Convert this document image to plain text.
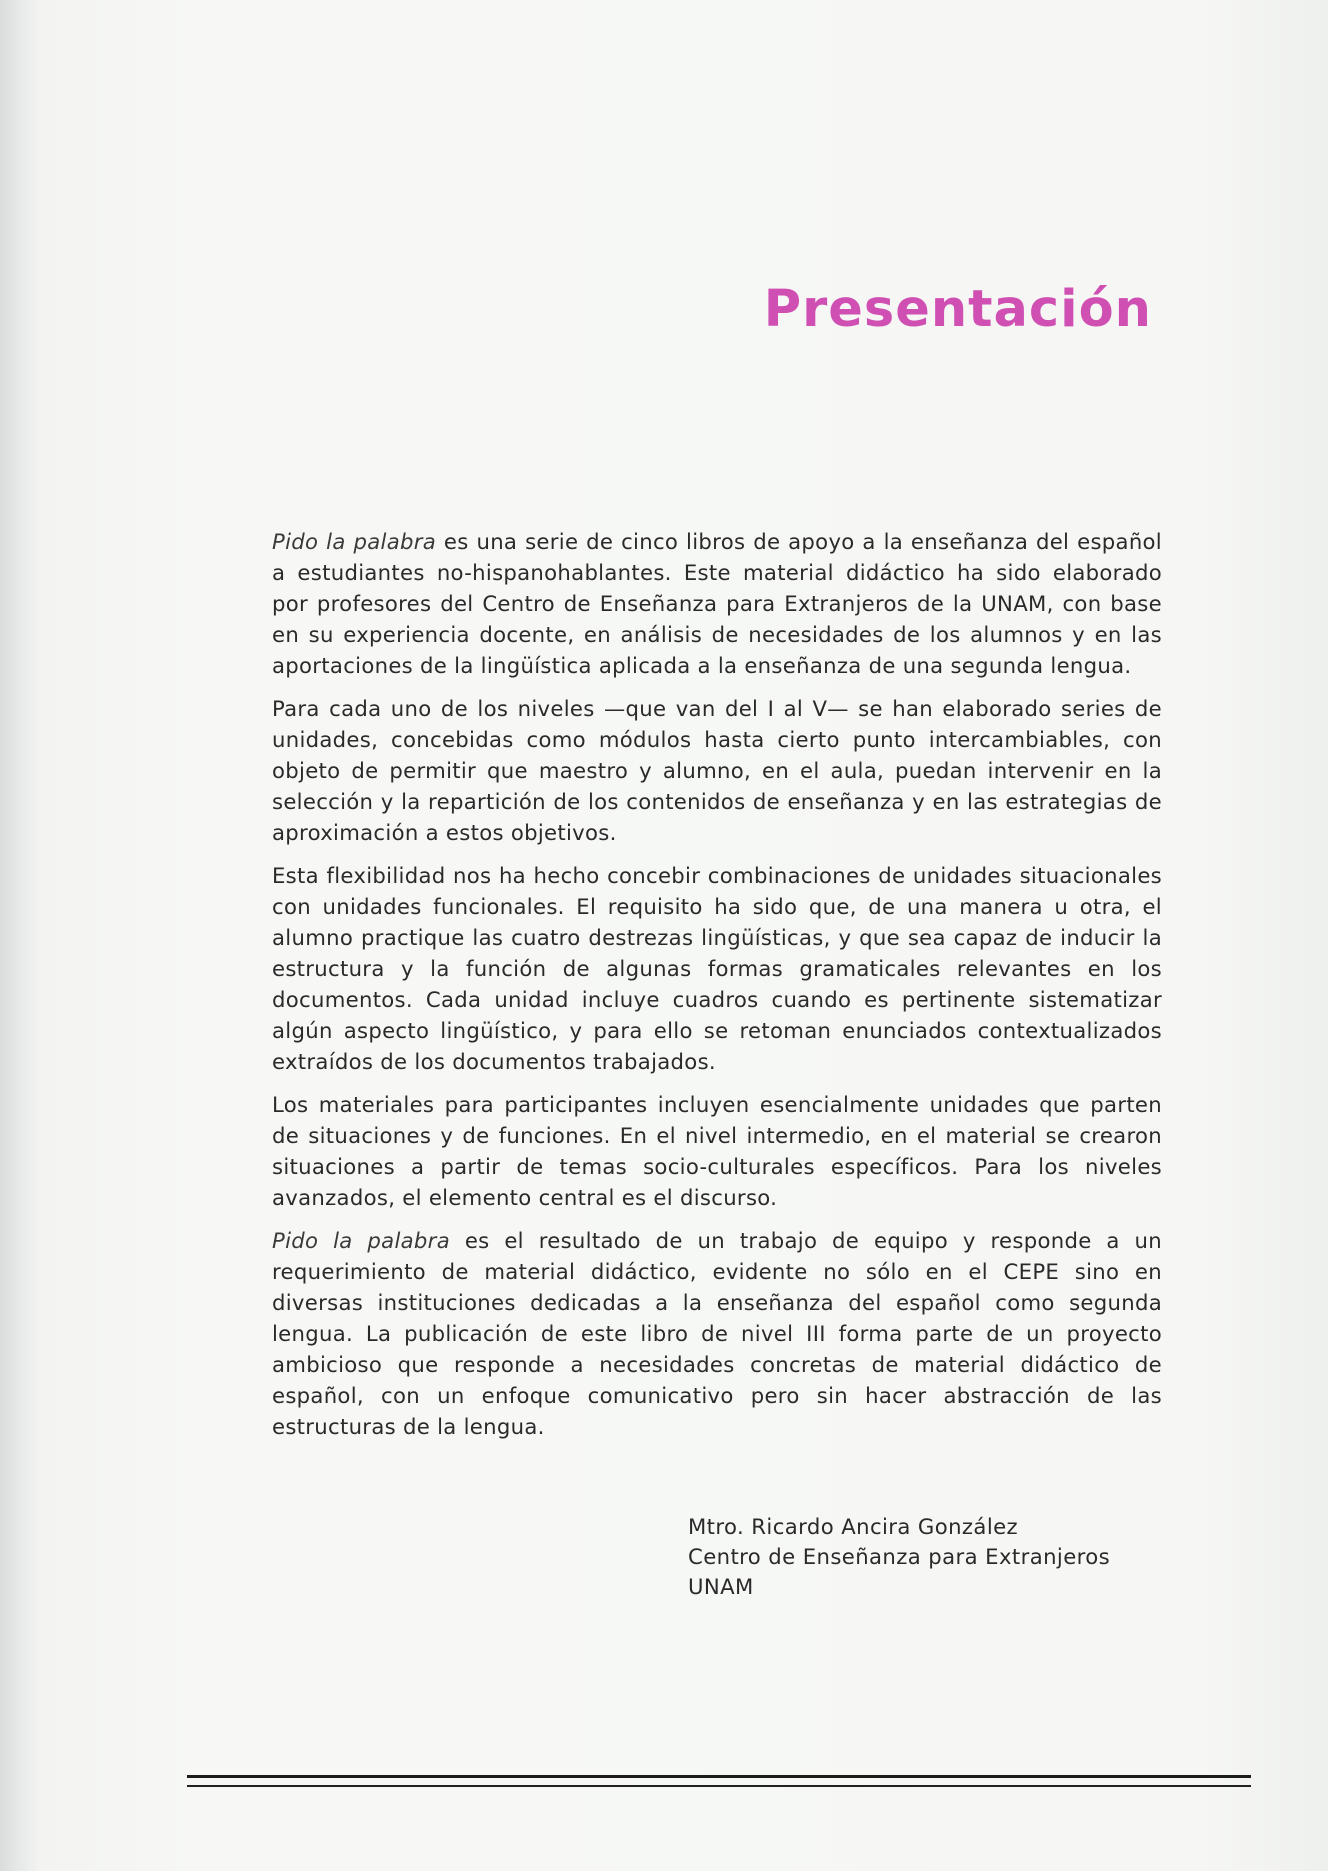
Presentación

Pido la palabra es una serie de cinco libros de apoyo a la enseñanza del español a estudiantes no-hispanohablantes. Este material didáctico ha sido elaborado por profesores del Centro de Enseñanza para Extranjeros de la UNAM, con base en su experiencia docente, en análisis de necesidades de los alumnos y en las aportaciones de la lingüística aplicada a la enseñanza de una segunda lengua.

Para cada uno de los niveles —que van del I al V— se han elaborado series de unidades, concebidas como módulos hasta cierto punto intercambiables, con objeto de permitir que maestro y alumno, en el aula, puedan intervenir en la selección y la repartición de los contenidos de enseñanza y en las estrategias de aproximación a estos objetivos.

Esta flexibilidad nos ha hecho concebir combinaciones de unidades situacionales con unidades funcionales. El requisito ha sido que, de una manera u otra, el alumno practique las cuatro destrezas lingüísticas, y que sea capaz de inducir la estructura y la función de algunas formas gramaticales relevantes en los documentos. Cada unidad incluye cuadros cuando es pertinente sistematizar algún aspecto lingüístico, y para ello se retoman enunciados contextualizados extraídos de los documentos trabajados.

Los materiales para participantes incluyen esencialmente unidades que parten de situaciones y de funciones. En el nivel intermedio, en el material se crearon situaciones a partir de temas socio-culturales específicos. Para los niveles avanzados, el elemento central es el discurso.

Pido la palabra es el resultado de un trabajo de equipo y responde a un requerimiento de material didáctico, evidente no sólo en el CEPE sino en diversas instituciones dedicadas a la enseñanza del español como segunda lengua. La publicación de este libro de nivel III forma parte de un proyecto ambicioso que responde a necesidades concretas de material didáctico de español, con un enfoque comunicativo pero sin hacer abstracción de las estructuras de la lengua.

Mtro. Ricardo Ancira González
Centro de Enseñanza para Extranjeros
UNAM
